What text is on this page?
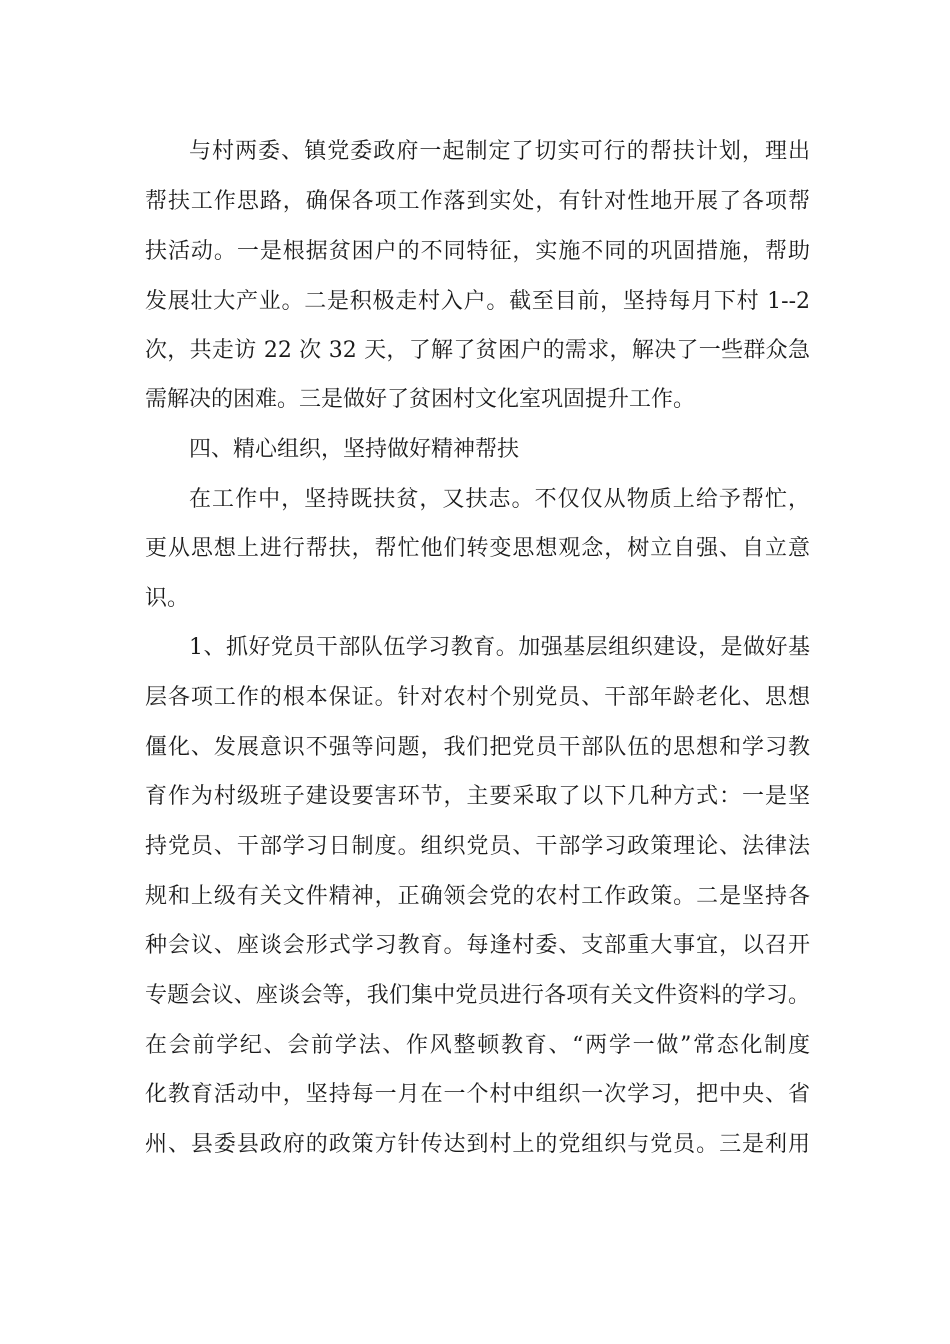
与村两委、镇党委政府一起制定了切实可行的帮扶计划，理出
帮扶工作思路，确保各项工作落到实处，有针对性地开展了各项帮
扶活动。一是根据贫困户的不同特征，实施不同的巩固措施，帮助
发展壮大产业。二是积极走村入户。截至目前，坚持每月下村 1--2
次，共走访 22 次 32 天，了解了贫困户的需求，解决了一些群众急
需解决的困难。三是做好了贫困村文化室巩固提升工作。
四、精心组织，坚持做好精神帮扶
在工作中，坚持既扶贫，又扶志。不仅仅从物质上给予帮忙，
更从思想上进行帮扶，帮忙他们转变思想观念，树立自强、自立意
识。
1、抓好党员干部队伍学习教育。加强基层组织建设，是做好基
层各项工作的根本保证。针对农村个别党员、干部年龄老化、思想
僵化、发展意识不强等问题，我们把党员干部队伍的思想和学习教
育作为村级班子建设要害环节，主要采取了以下几种方式：一是坚
持党员、干部学习日制度。组织党员、干部学习政策理论、法律法
规和上级有关文件精神，正确领会党的农村工作政策。二是坚持各
种会议、座谈会形式学习教育。每逢村委、支部重大事宜，以召开
专题会议、座谈会等，我们集中党员进行各项有关文件资料的学习。
在会前学纪、会前学法、作风整顿教育、“两学一做”常态化制度
化教育活动中，坚持每一月在一个村中组织一次学习，把中央、省
州、县委县政府的政策方针传达到村上的党组织与党员。三是利用
